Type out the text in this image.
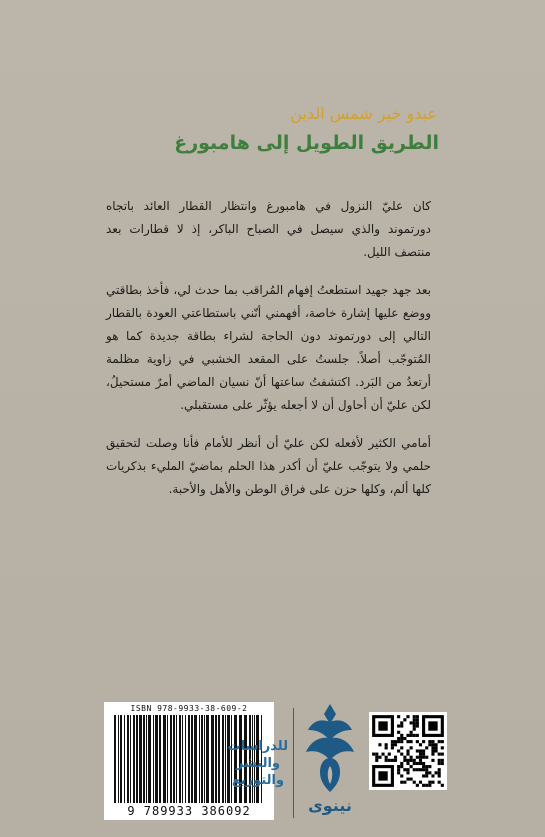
عبدو خير شمس الدين
الطريق الطويل إلى هامبورغ

كان عليّ النزول في هامبورغ وانتظار القطار العائد باتجاه دورتموند والذي سيصل في الصباح الباكر، إذ لا قطارات بعد منتصف الليل.

بعد جهد جهيد استطعتُ إفهام المُراقب بما حدث لي، فأخذ بطاقتي ووضع عليها إشارة خاصة، أفهمني أنّني باستطاعتي العودة بالقطار التالي إلى دورتموند دون الحاجة لشراء بطاقة جديدة كما هو المُتوجّب أصلاً. جلستُ على المقعد الخشبي في زاوية مظلمة أرتعدُ من البَرد. اكتشفتُ ساعتها أنّ نسيان الماضي أمرٌ مستحيلُ، لكن عليّ أن أحاول أن لا أجعله يؤثّر على مستقبلي.

أمامي الكثير لأفعله لكن عليّ أن أنظر للأمام فأنا وصلت لتحقيق حلمي ولا يتوجّب عليّ أن أكدر هذا الحلم بماضيّ المليء بذكريات كلها ألم، وكلها حزن على فراق الوطن والأهل والأحبة.

ISBN 978-9933-38-609-2
9 789933 386092
للدراسات
والنشر
والتوزيع
نينوى
